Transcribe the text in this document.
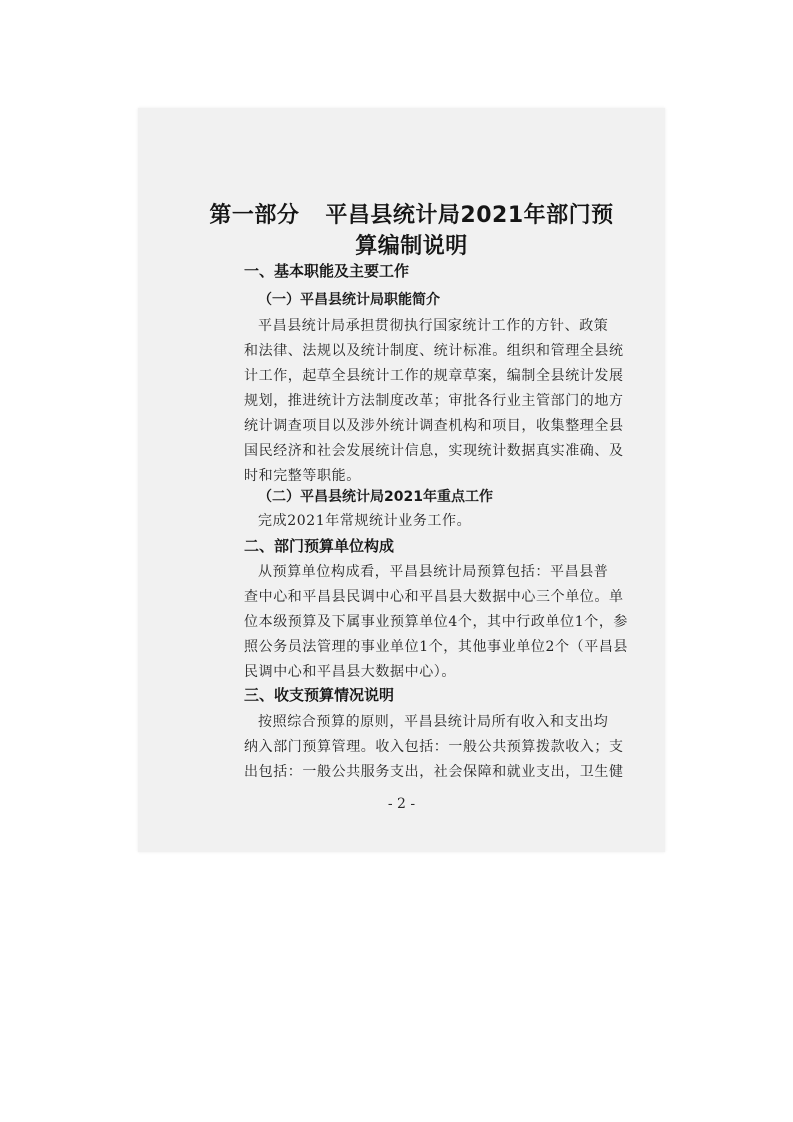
第一部分 平昌县统计局2021年部门预
算编制说明
一、基本职能及主要工作
（一）平昌县统计局职能简介
平昌县统计局承担贯彻执行国家统计工作的方针、政策
和法律、法规以及统计制度、统计标准。组织和管理全县统
计工作，起草全县统计工作的规章草案，编制全县统计发展
规划，推进统计方法制度改革；审批各行业主管部门的地方
统计调查项目以及涉外统计调查机构和项目，收集整理全县
国民经济和社会发展统计信息，实现统计数据真实准确、及
时和完整等职能。
（二）平昌县统计局2021年重点工作
完成2021年常规统计业务工作。
二、部门预算单位构成
从预算单位构成看，平昌县统计局预算包括：平昌县普
查中心和平昌县民调中心和平昌县大数据中心三个单位。单
位本级预算及下属事业预算单位4个，其中行政单位1个，参
照公务员法管理的事业单位1个，其他事业单位2个（平昌县
民调中心和平昌县大数据中心）。
三、收支预算情况说明
按照综合预算的原则，平昌县统计局所有收入和支出均
纳入部门预算管理。收入包括：一般公共预算拨款收入；支
出包括：一般公共服务支出，社会保障和就业支出，卫生健
- 2 -
